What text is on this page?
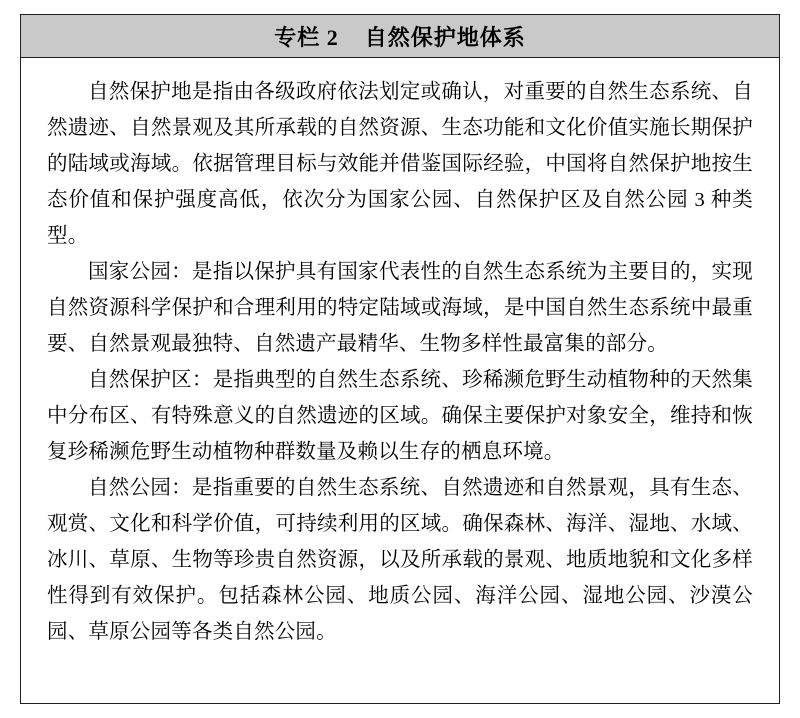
专栏 2    自然保护地体系

自然保护地是指由各级政府依法划定或确认，对重要的自然生态系统、自然遗迹、自然景观及其所承载的自然资源、生态功能和文化价值实施长期保护的陆域或海域。依据管理目标与效能并借鉴国际经验，中国将自然保护地按生态价值和保护强度高低，依次分为国家公园、自然保护区及自然公园 3 种类型。

国家公园：是指以保护具有国家代表性的自然生态系统为主要目的，实现自然资源科学保护和合理利用的特定陆域或海域，是中国自然生态系统中最重要、自然景观最独特、自然遗产最精华、生物多样性最富集的部分。

自然保护区：是指典型的自然生态系统、珍稀濒危野生动植物种的天然集中分布区、有特殊意义的自然遗迹的区域。确保主要保护对象安全，维持和恢复珍稀濒危野生动植物种群数量及赖以生存的栖息环境。

自然公园：是指重要的自然生态系统、自然遗迹和自然景观，具有生态、观赏、文化和科学价值，可持续利用的区域。确保森林、海洋、湿地、水域、冰川、草原、生物等珍贵自然资源，以及所承载的景观、地质地貌和文化多样性得到有效保护。包括森林公园、地质公园、海洋公园、湿地公园、沙漠公园、草原公园等各类自然公园。
